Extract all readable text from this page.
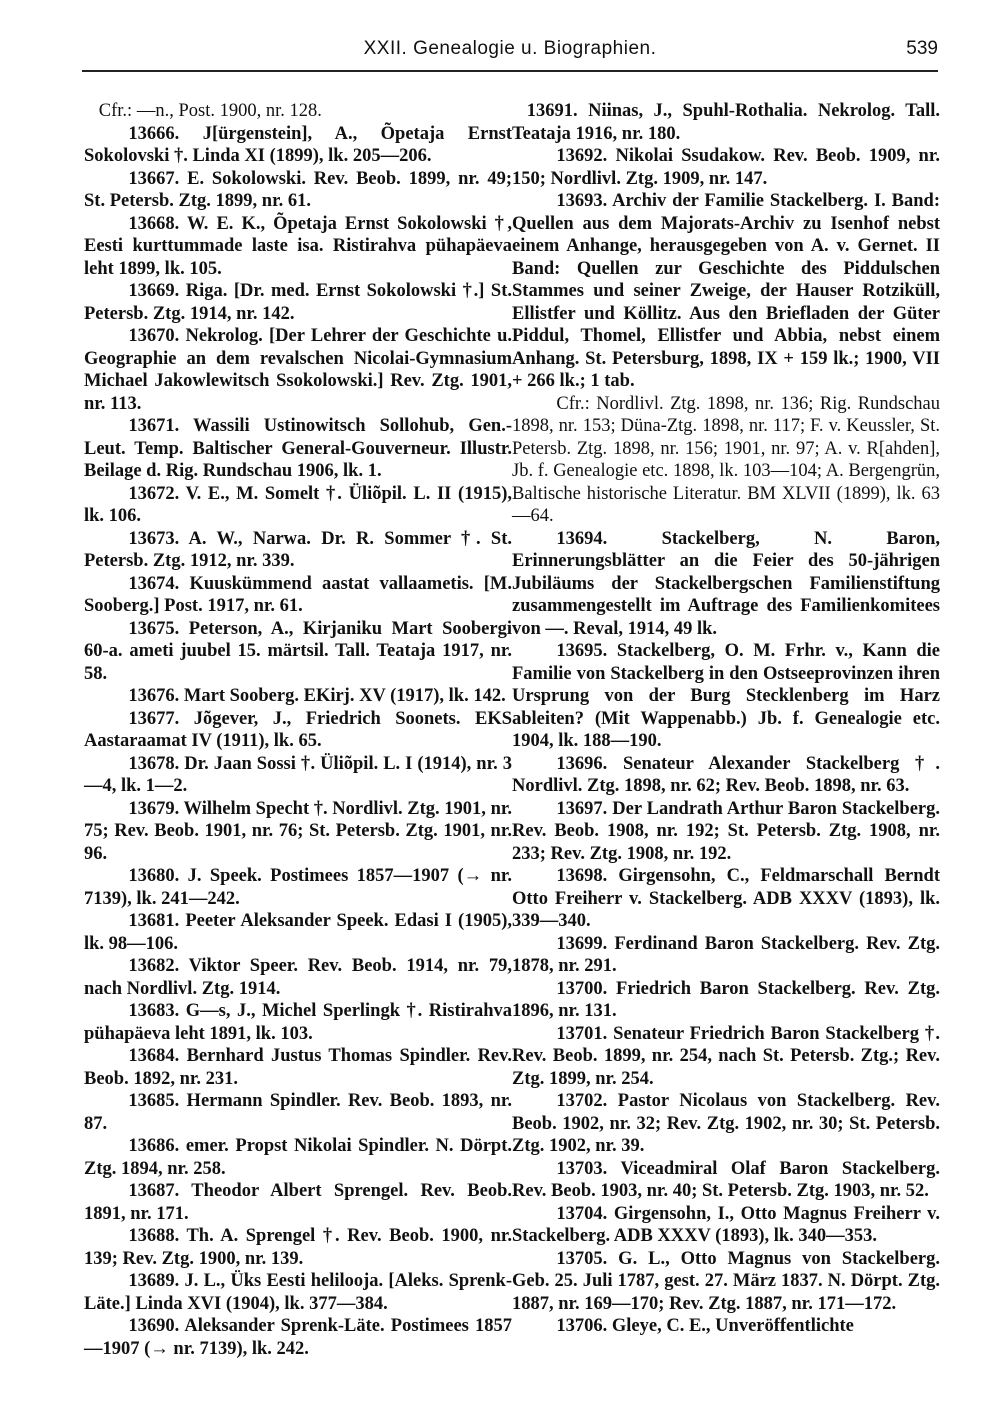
XXII. Genealogie u. Biographien.	539

Cfr.: —n., Post. 1900, nr. 128.

13666. J[ürgenstein], A., Õpetaja Ernst Sokolovski †. Linda XI (1899), lk. 205—206.

13667. E. Sokolowski. Rev. Beob. 1899, nr. 49; St. Petersb. Ztg. 1899, nr. 61.

13668. W. E. K., Õpetaja Ernst Sokolowski †, Eesti kurttummade laste isa. Ristirahva pühapäeva leht 1899, lk. 105.

13669. Riga. [Dr. med. Ernst Sokolowski †.] St. Petersb. Ztg. 1914, nr. 142.

13670. Nekrolog. [Der Lehrer der Geschichte u. Geographie an dem revalschen Nicolai-Gymnasium Michael Jakowlewitsch Ssokolowski.] Rev. Ztg. 1901, nr. 113.

13671. Wassili Ustinowitsch Sollohub, Gen.-Leut. Temp. Baltischer General-Gouverneur. Illustr. Beilage d. Rig. Rundschau 1906, lk. 1.

13672. V. E., M. Somelt †. Üliõpil. L. II (1915), lk. 106.

13673. A. W., Narwa. Dr. R. Sommer †. St. Petersb. Ztg. 1912, nr. 339.

13674. Kuuskümmend aastat vallaametis. [M. Sooberg.] Post. 1917, nr. 61.

13675. Peterson, A., Kirjaniku Mart Soobergi 60-a. ameti juubel 15. märtsil. Tall. Teataja 1917, nr. 58.

13676. Mart Sooberg. EKirj. XV (1917), lk. 142.

13677. Jõgever, J., Friedrich Soonets. EKS Aastaraamat IV (1911), lk. 65.

13678. Dr. Jaan Sossi †. Üliõpil. L. I (1914), nr. 3—4, lk. 1—2.

13679. Wilhelm Specht †. Nordlivl. Ztg. 1901, nr. 75; Rev. Beob. 1901, nr. 76; St. Petersb. Ztg. 1901, nr. 96.

13680. J. Speek. Postimees 1857—1907 (→ nr. 7139), lk. 241—242.

13681. Peeter Aleksander Speek. Edasi I (1905), lk. 98—106.

13682. Viktor Speer. Rev. Beob. 1914, nr. 79, nach Nordlivl. Ztg. 1914.

13683. G—s, J., Michel Sperlingk †. Ristirahva pühapäeva leht 1891, lk. 103.

13684. Bernhard Justus Thomas Spindler. Rev. Beob. 1892, nr. 231.

13685. Hermann Spindler. Rev. Beob. 1893, nr. 87.

13686. emer. Propst Nikolai Spindler. N. Dörpt. Ztg. 1894, nr. 258.

13687. Theodor Albert Sprengel. Rev. Beob. 1891, nr. 171.

13688. Th. A. Sprengel †. Rev. Beob. 1900, nr. 139; Rev. Ztg. 1900, nr. 139.

13689. J. L., Üks Eesti helilooja. [Aleks. Sprenk-Läte.] Linda XVI (1904), lk. 377—384.

13690. Aleksander Sprenk-Läte. Postimees 1857—1907 (→ nr. 7139), lk. 242.

13691. Niinas, J., Spuhl-Rothalia. Nekrolog. Tall. Teataja 1916, nr. 180.

13692. Nikolai Ssudakow. Rev. Beob. 1909, nr. 150; Nordlivl. Ztg. 1909, nr. 147.

13693. Archiv der Familie Stackelberg. I. Band: Quellen aus dem Majorats-Archiv zu Isenhof nebst einem Anhange, herausgegeben von A. v. Gernet. II Band: Quellen zur Geschichte des Piddulschen Stammes und seiner Zweige, der Hauser Rotziküll, Ellistfer und Köllitz. Aus den Briefladen der Güter Piddul, Thomel, Ellistfer und Abbia, nebst einem Anhang. St. Petersburg, 1898, IX + 159 lk.; 1900, VII + 266 lk.; 1 tab.

Cfr.: Nordlivl. Ztg. 1898, nr. 136; Rig. Rundschau 1898, nr. 153; Düna-Ztg. 1898, nr. 117; F. v. Keussler, St. Petersb. Ztg. 1898, nr. 156; 1901, nr. 97; A. v. R[ahden], Jb. f. Genealogie etc. 1898, lk. 103—104; A. Bergengrün, Baltische historische Literatur. BM XLVII (1899), lk. 63—64.

13694. Stackelberg, N. Baron, Erinnerungsblätter an die Feier des 50-jährigen Jubiläums der Stackelbergschen Familienstiftung zusammengestellt im Auftrage des Familienkomitees von —. Reval, 1914, 49 lk.

13695. Stackelberg, O. M. Frhr. v., Kann die Familie von Stackelberg in den Ostseeprovinzen ihren Ursprung von der Burg Stecklenberg im Harz ableiten? (Mit Wappenabb.) Jb. f. Genealogie etc. 1904, lk. 188—190.

13696. Senateur Alexander Stackelberg †. Nordlivl. Ztg. 1898, nr. 62; Rev. Beob. 1898, nr. 63.

13697. Der Landrath Arthur Baron Stackelberg. Rev. Beob. 1908, nr. 192; St. Petersb. Ztg. 1908, nr. 233; Rev. Ztg. 1908, nr. 192.

13698. Girgensohn, C., Feldmarschall Berndt Otto Freiherr v. Stackelberg. ADB XXXV (1893), lk. 339—340.

13699. Ferdinand Baron Stackelberg. Rev. Ztg. 1878, nr. 291.

13700. Friedrich Baron Stackelberg. Rev. Ztg. 1896, nr. 131.

13701. Senateur Friedrich Baron Stackelberg †. Rev. Beob. 1899, nr. 254, nach St. Petersb. Ztg.; Rev. Ztg. 1899, nr. 254.

13702. Pastor Nicolaus von Stackelberg. Rev. Beob. 1902, nr. 32; Rev. Ztg. 1902, nr. 30; St. Petersb. Ztg. 1902, nr. 39.

13703. Viceadmiral Olaf Baron Stackelberg. Rev. Beob. 1903, nr. 40; St. Petersb. Ztg. 1903, nr. 52.

13704. Girgensohn, I., Otto Magnus Freiherr v. Stackelberg. ADB XXXV (1893), lk. 340—353.

13705. G. L., Otto Magnus von Stackelberg. Geb. 25. Juli 1787, gest. 27. März 1837. N. Dörpt. Ztg. 1887, nr. 169—170; Rev. Ztg. 1887, nr. 171—172.

13706. Gleye, C. E., Unveröffentlichte
